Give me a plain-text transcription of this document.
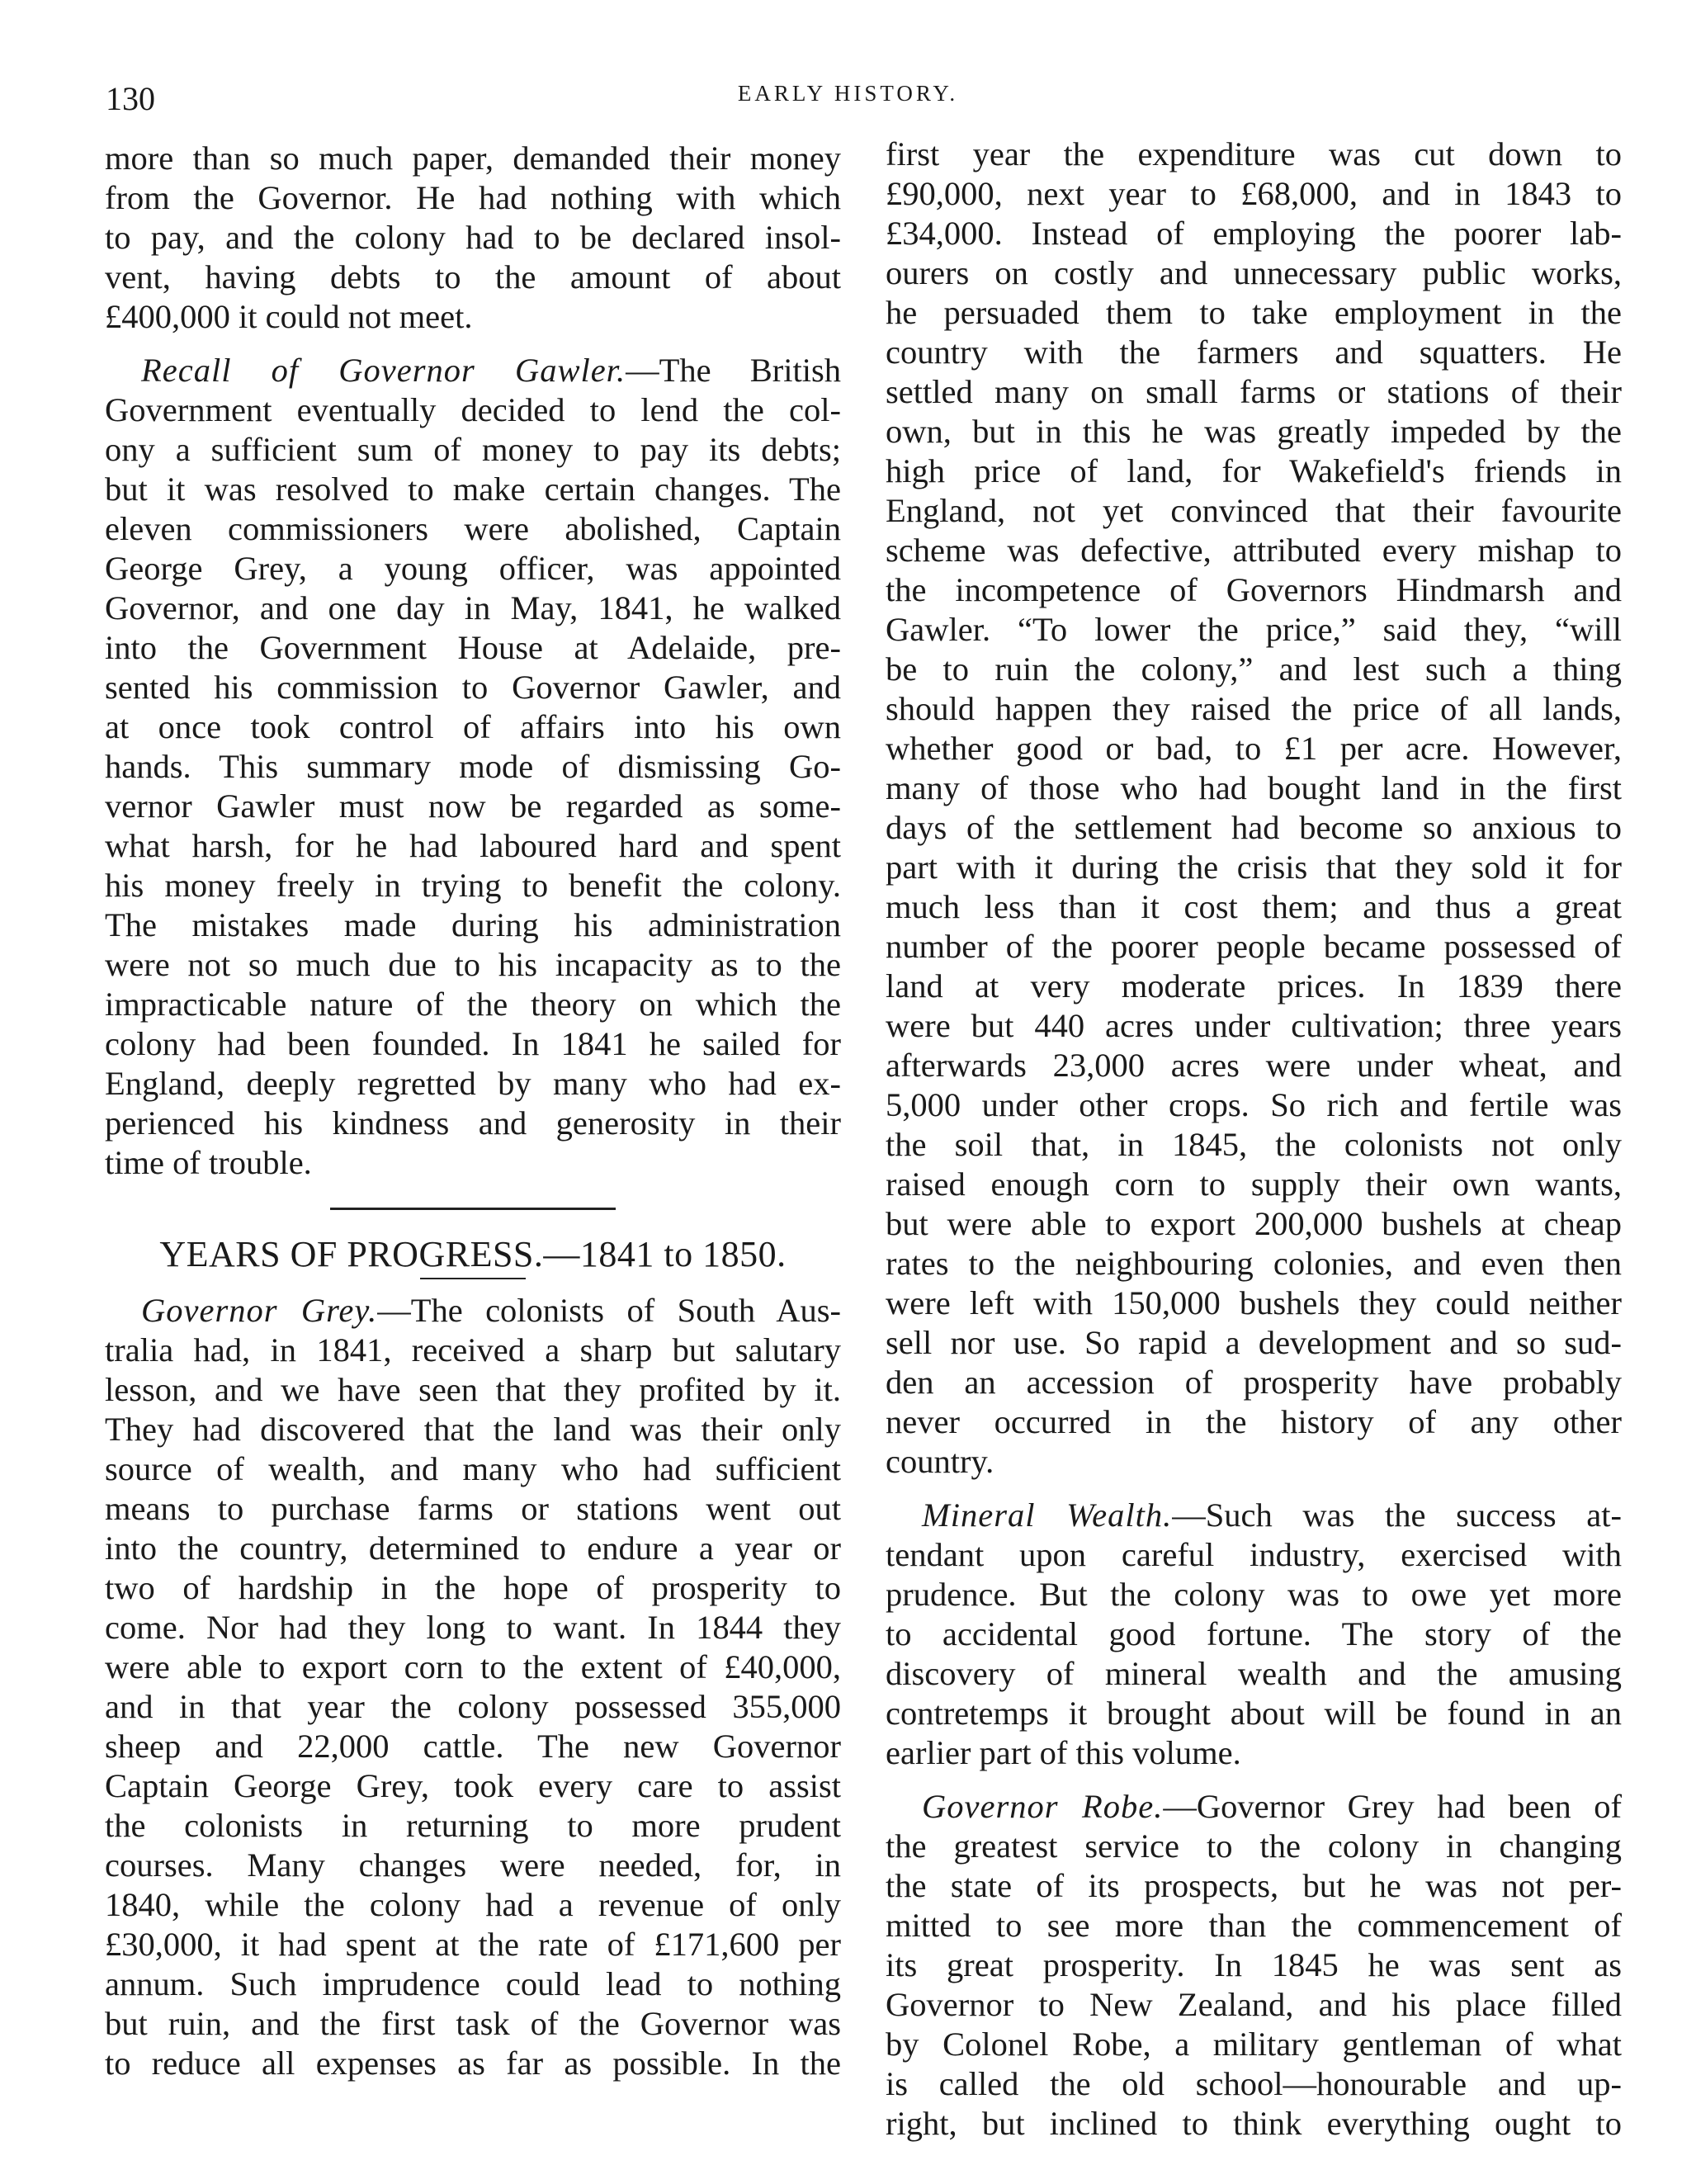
130	EARLY HISTORY.
more than so much paper, demanded their money
from the Governor. He had nothing with which
to pay, and the colony had to be declared insol-
vent, having debts to the amount of about
£400,000 it could not meet.
Recall of Governor Gawler.—The British
Government eventually decided to lend the col-
ony a sufficient sum of money to pay its debts;
but it was resolved to make certain changes. The
eleven commissioners were abolished, Captain
George Grey, a young officer, was appointed
Governor, and one day in May, 1841, he walked
into the Government House at Adelaide, pre-
sented his commission to Governor Gawler, and
at once took control of affairs into his own
hands. This summary mode of dismissing Go-
vernor Gawler must now be regarded as some-
what harsh, for he had laboured hard and spent
his money freely in trying to benefit the colony.
The mistakes made during his administration
were not so much due to his incapacity as to the
impracticable nature of the theory on which the
colony had been founded. In 1841 he sailed for
England, deeply regretted by many who had ex-
perienced his kindness and generosity in their
time of trouble.
YEARS OF PROGRESS.—1841 to 1850.
Governor Grey.—The colonists of South Aus-
tralia had, in 1841, received a sharp but salutary
lesson, and we have seen that they profited by it.
They had discovered that the land was their only
source of wealth, and many who had sufficient
means to purchase farms or stations went out
into the country, determined to endure a year or
two of hardship in the hope of prosperity to
come. Nor had they long to want. In 1844 they
were able to export corn to the extent of £40,000,
and in that year the colony possessed 355,000
sheep and 22,000 cattle. The new Governor
Captain George Grey, took every care to assist
the colonists in returning to more prudent
courses. Many changes were needed, for, in
1840, while the colony had a revenue of only
£30,000, it had spent at the rate of £171,600 per
annum. Such imprudence could lead to nothing
but ruin, and the first task of the Governor was
to reduce all expenses as far as possible. In the
first year the expenditure was cut down to
£90,000, next year to £68,000, and in 1843 to
£34,000. Instead of employing the poorer lab-
ourers on costly and unnecessary public works,
he persuaded them to take employment in the
country with the farmers and squatters. He
settled many on small farms or stations of their
own, but in this he was greatly impeded by the
high price of land, for Wakefield's friends in
England, not yet convinced that their favourite
scheme was defective, attributed every mishap to
the incompetence of Governors Hindmarsh and
Gawler. “To lower the price,” said they, “will
be to ruin the colony,” and lest such a thing
should happen they raised the price of all lands,
whether good or bad, to £1 per acre. However,
many of those who had bought land in the first
days of the settlement had become so anxious to
part with it during the crisis that they sold it for
much less than it cost them; and thus a great
number of the poorer people became possessed of
land at very moderate prices. In 1839 there
were but 440 acres under cultivation; three years
afterwards 23,000 acres were under wheat, and
5,000 under other crops. So rich and fertile was
the soil that, in 1845, the colonists not only
raised enough corn to supply their own wants,
but were able to export 200,000 bushels at cheap
rates to the neighbouring colonies, and even then
were left with 150,000 bushels they could neither
sell nor use. So rapid a development and so sud-
den an accession of prosperity have probably
never occurred in the history of any other
country.
Mineral Wealth.—Such was the success at-
tendant upon careful industry, exercised with
prudence. But the colony was to owe yet more
to accidental good fortune. The story of the
discovery of mineral wealth and the amusing
contretemps it brought about will be found in an
earlier part of this volume.
Governor Robe.—Governor Grey had been of
the greatest service to the colony in changing
the state of its prospects, but he was not per-
mitted to see more than the commencement of
its great prosperity. In 1845 he was sent as
Governor to New Zealand, and his place filled
by Colonel Robe, a military gentleman of what
is called the old school—honourable and up-
right, but inclined to think everything ought to
